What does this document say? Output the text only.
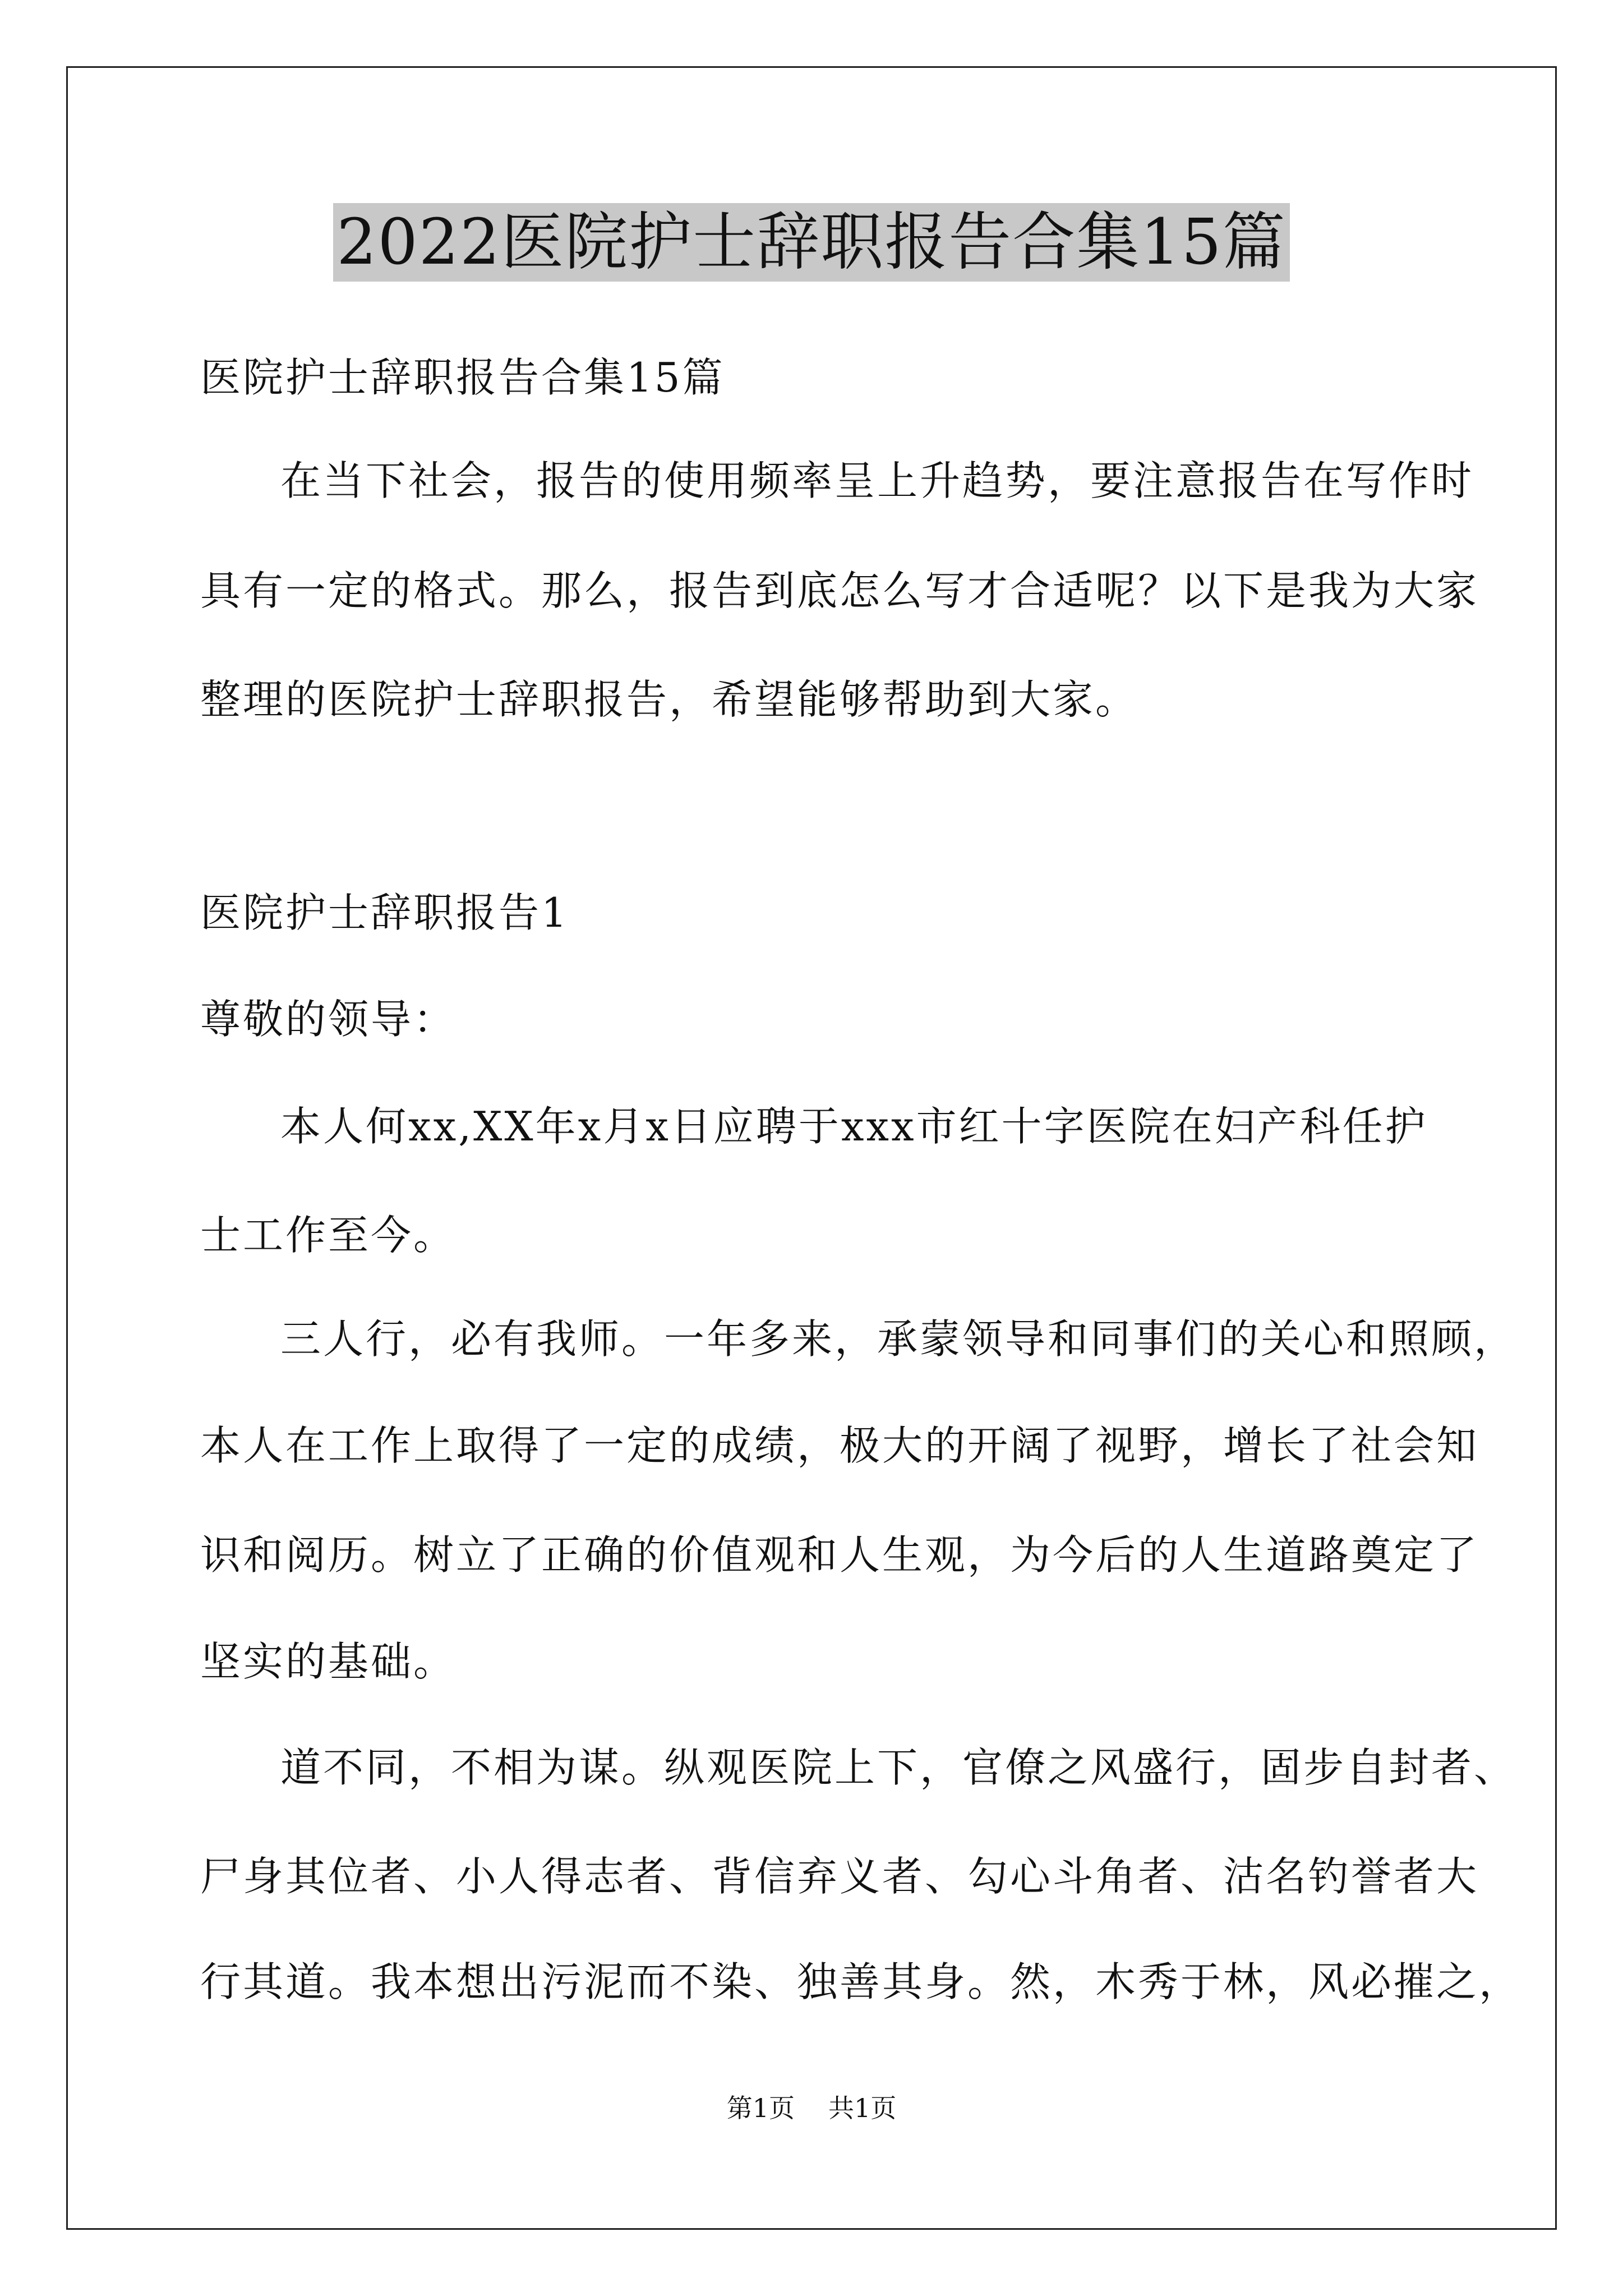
2022医院护士辞职报告合集15篇
医院护士辞职报告合集15篇
在当下社会，报告的使用频率呈上升趋势，要注意报告在写作时
具有一定的格式。那么，报告到底怎么写才合适呢？以下是我为大家
整理的医院护士辞职报告，希望能够帮助到大家。
医院护士辞职报告1
尊敬的领导：
本人何xx,XX年x月x日应聘于xxx市红十字医院在妇产科任护
士工作至今。
三人行，必有我师。一年多来，承蒙领导和同事们的关心和照顾，
本人在工作上取得了一定的成绩，极大的开阔了视野，增长了社会知
识和阅历。树立了正确的价值观和人生观，为今后的人生道路奠定了
坚实的基础。
道不同，不相为谋。纵观医院上下，官僚之风盛行，固步自封者、
尸身其位者、小人得志者、背信弃义者、勾心斗角者、沽名钓誉者大
行其道。我本想出污泥而不染、独善其身。然，木秀于林，风必摧之，
第1页 共1页
